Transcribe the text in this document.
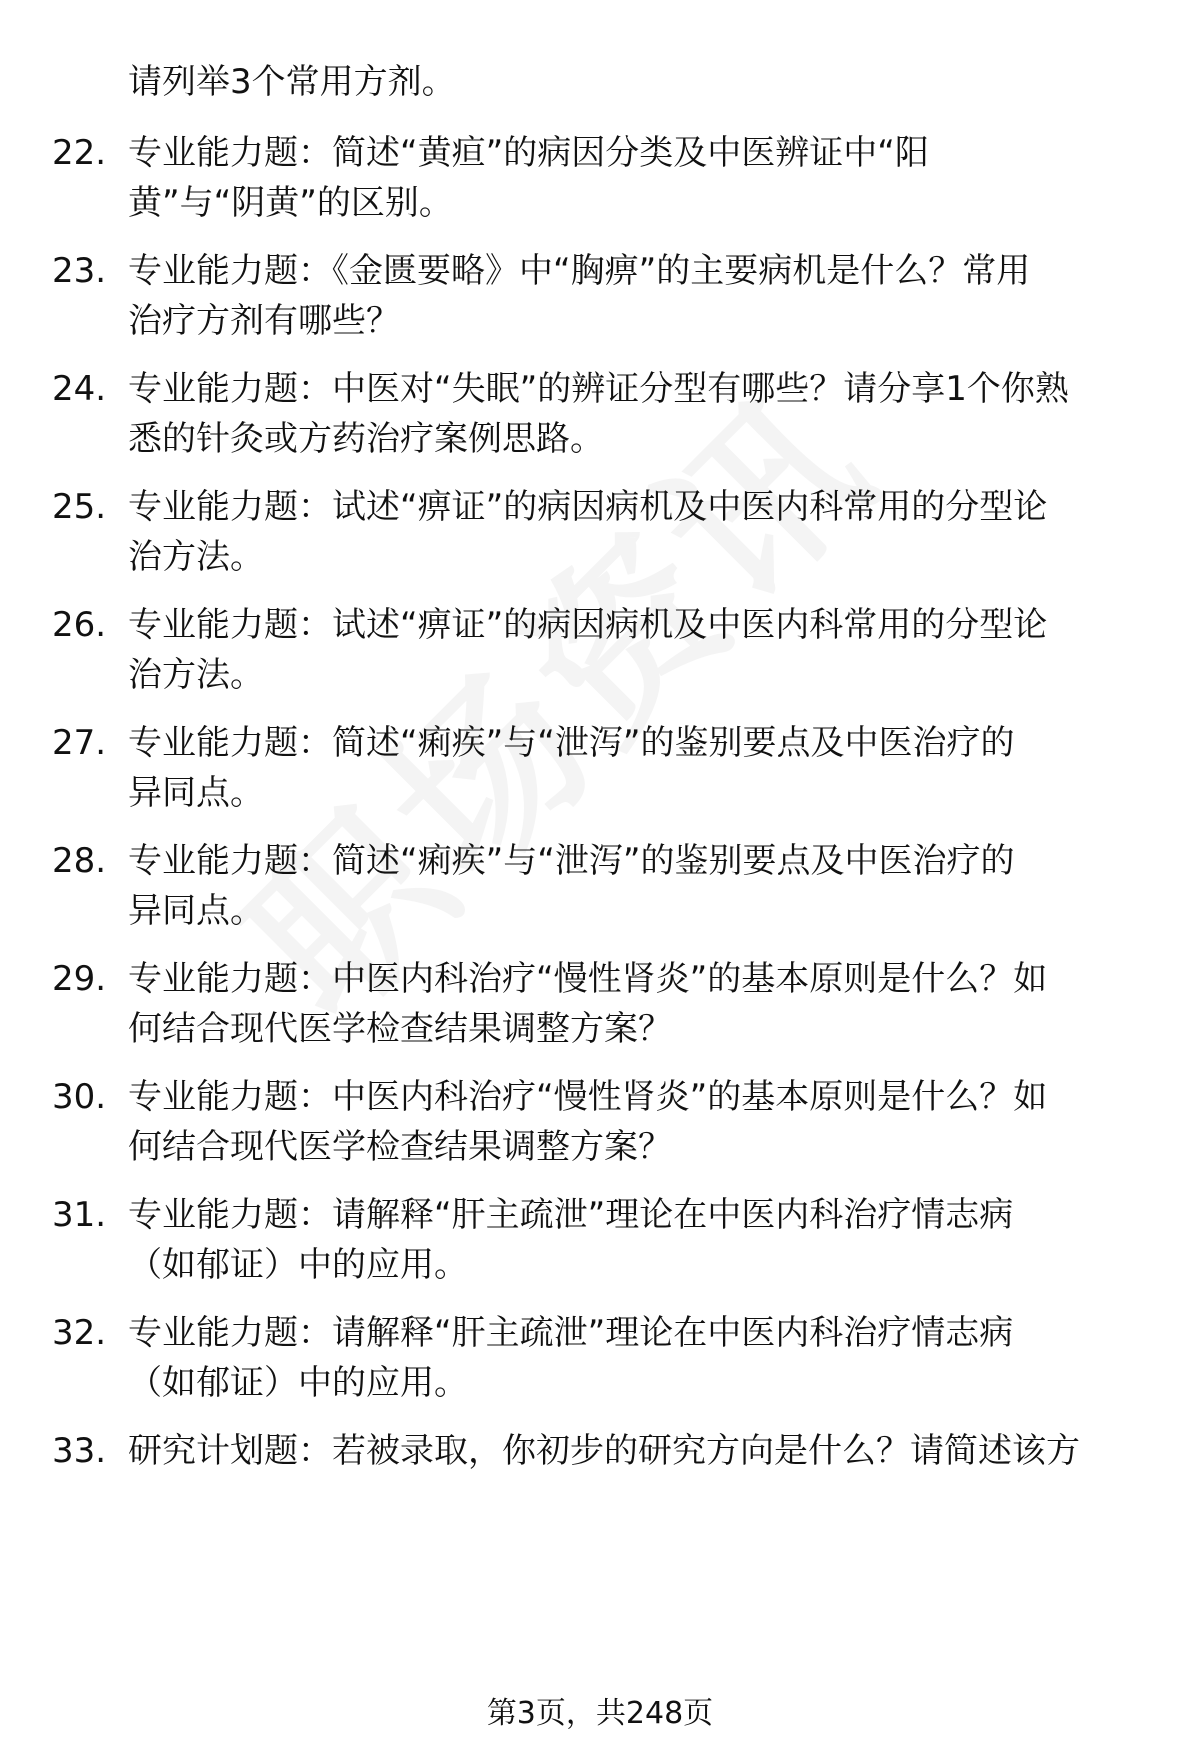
请列举3个常用方剂。
22. 专业能力题：简述“黄疸”的病因分类及中医辨证中“阳
黄”与“阴黄”的区别。
23. 专业能力题：《金匮要略》中“胸痹”的主要病机是什么？常用
治疗方剂有哪些？
24. 专业能力题：中医对“失眠”的辨证分型有哪些？请分享1个你熟
悉的针灸或方药治疗案例思路。
25. 专业能力题：试述“痹证”的病因病机及中医内科常用的分型论
治方法。
26. 专业能力题：试述“痹证”的病因病机及中医内科常用的分型论
治方法。
27. 专业能力题：简述“痢疾”与“泄泻”的鉴别要点及中医治疗的
异同点。
28. 专业能力题：简述“痢疾”与“泄泻”的鉴别要点及中医治疗的
异同点。
29. 专业能力题：中医内科治疗“慢性肾炎”的基本原则是什么？如
何结合现代医学检查结果调整方案？
30. 专业能力题：中医内科治疗“慢性肾炎”的基本原则是什么？如
何结合现代医学检查结果调整方案？
31. 专业能力题：请解释“肝主疏泄”理论在中医内科治疗情志病
（如郁证）中的应用。
32. 专业能力题：请解释“肝主疏泄”理论在中医内科治疗情志病
（如郁证）中的应用。
33. 研究计划题：若被录取，你初步的研究方向是什么？请简述该方
第3页，共248页
